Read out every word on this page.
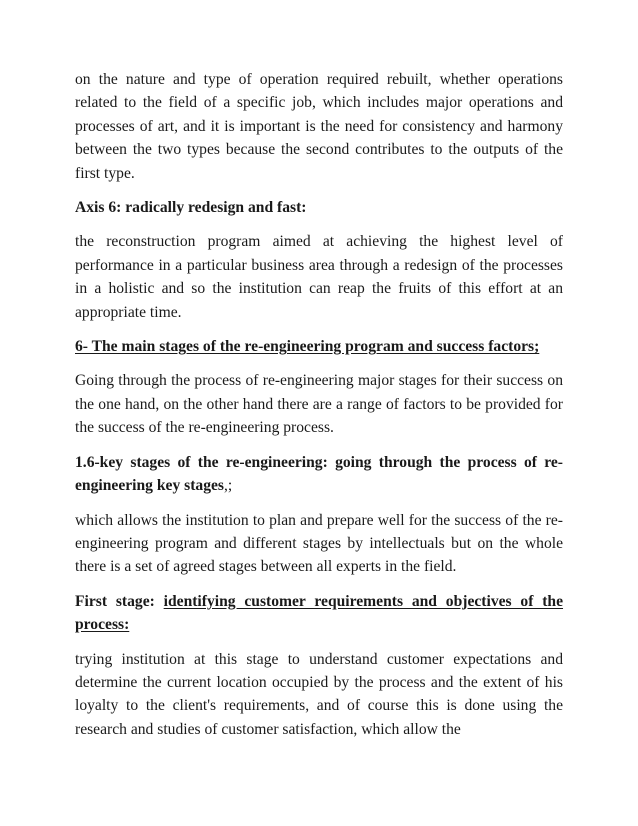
on the nature and type of operation required rebuilt, whether operations related to the field of a specific job, which includes major operations and processes of art, and it is important is the need for consistency and harmony between the two types because the second contributes to the outputs of the first type.

Axis 6: radically redesign and fast:

the reconstruction program aimed at achieving the highest level of performance in a particular business area through a redesign of the processes in a holistic and so the institution can reap the fruits of this effort at an appropriate time.

6- The main stages of the re-engineering program and success factors;

Going through the process of re-engineering major stages for their success on the one hand, on the other hand there are a range of factors to be provided for the success of the re-engineering process.

1.6-key stages of the re-engineering: going through the process of re-engineering key stages,;

which allows the institution to plan and prepare well for the success of the re-engineering program and different stages by intellectuals but on the whole there is a set of agreed stages between all experts in the field.

First stage: identifying customer requirements and objectives of the process:

trying institution at this stage to understand customer expectations and determine the current location occupied by the process and the extent of his loyalty to the client's requirements, and of course this is done using the research and studies of customer satisfaction, which allow the
